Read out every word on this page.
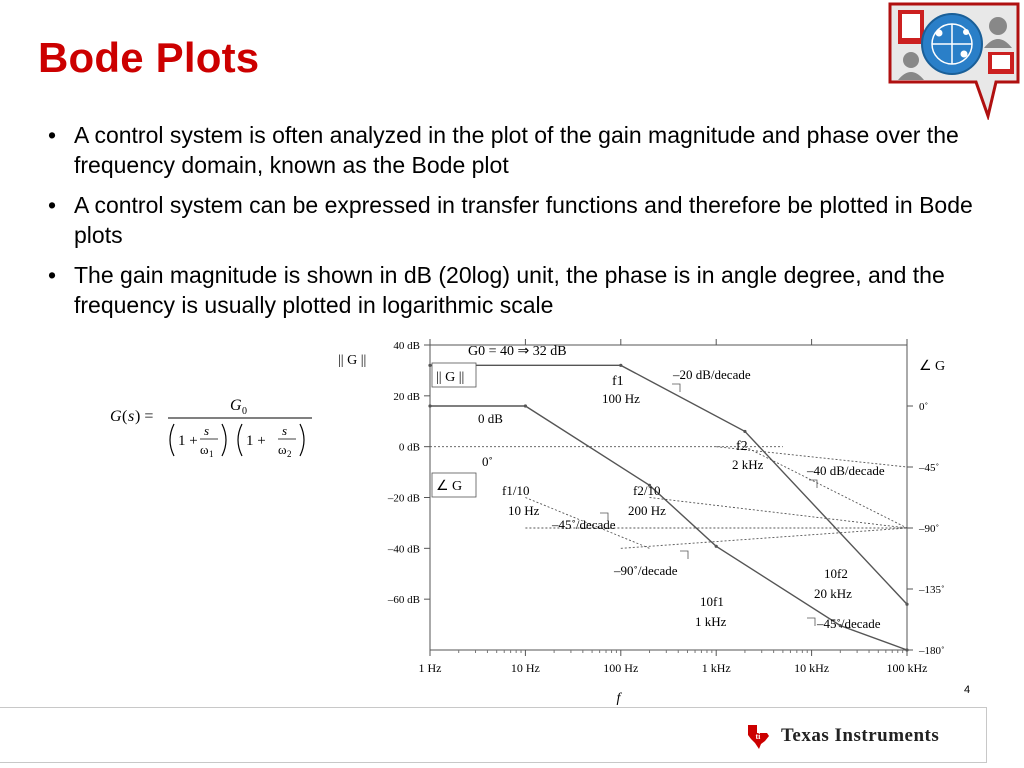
Bode Plots
• A control system is often analyzed in the plot of the gain magnitude and phase over the frequency domain, known as the Bode plot
• A control system can be expressed in transfer functions and therefore be plotted in Bode plots
• The gain magnitude is shown in dB (20log) unit, the phase is in angle degree, and the frequency is usually plotted in logarithmic scale
G ( s ) =
G 0
1 +
s
ω 1
1 +
s
ω 2
1 Hz	10 Hz	100 Hz	1 kHz	10 kHz	100 kHz
f
40 dB
20 dB
0 dB
–20 dB
–40 dB
–60 dB
0˚
–45˚
–90˚
–135˚
–180˚
|| G ||	∠ G
|| G ||
∠ G
G0 = 40 ⇒ 32 dB
–20 dB/decade
f1
100 Hz
0 dB
f2
2 kHz	–40 dB/decade
0˚
f1/10
10 Hz
f2/10
200 Hz
–45˚/decade
–90˚/decade
10f1
1 kHz
10f2
20 kHz
–45˚/decade
4
ti Texas Instruments
